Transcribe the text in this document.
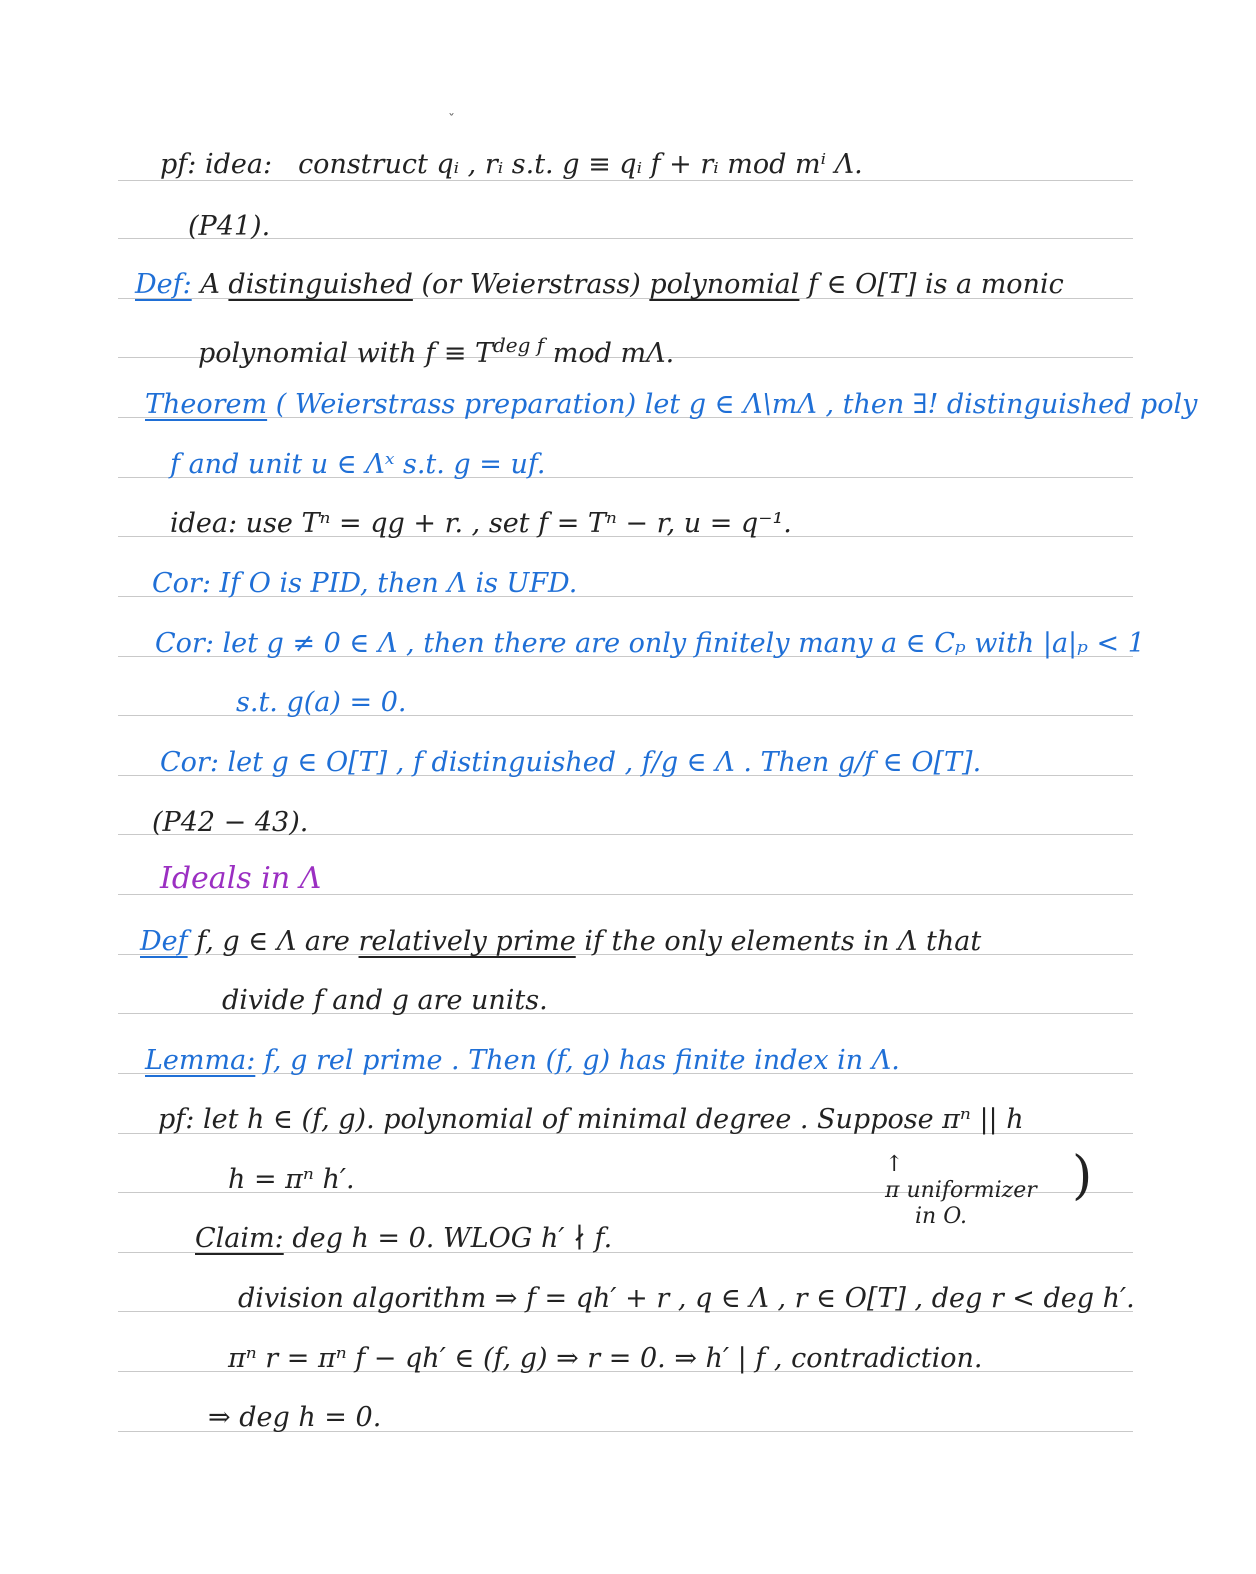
ˇ
pf: idea: construct qᵢ , rᵢ s.t. g ≡ qᵢ f + rᵢ mod mⁱ Λ.
(P41).
Def: A distinguished (or Weierstrass) polynomial f ∈ O[T] is a monic
polynomial with $f \equiv T^{deg f}$ mod mΛ.
Theorem ( Weierstrass preparation) let g ∈ Λ\mΛ , then ∃! distinguished poly
f and unit u ∈ Λˣ s.t. g = uf.
idea: use Tⁿ = qg + r. , set f = Tⁿ − r, u = q⁻¹.
Cor: If O is PID, then Λ is UFD.
Cor: let g ≠ 0 ∈ Λ , then there are only finitely many a ∈ Cₚ with |a|ₚ < 1
s.t. g(a) = 0.
Cor: let g ∈ O[T] , f distinguished , f/g ∈ Λ . Then g/f ∈ O[T].
(P42 − 43).
Ideals in Λ
Def f, g ∈ Λ are relatively prime if the only elements in Λ that
divide f and g are units.
Lemma: f, g rel prime . Then (f, g) has finite index in Λ.
pf: let h ∈ (f, g). polynomial of minimal degree . Suppose πⁿ || h
h = πⁿ h′.	↑
π uniformizer
in O.
)
Claim: deg h = 0. WLOG h′ ∤ f.
division algorithm ⇒ f = qh′ + r , q ∈ Λ , r ∈ O[T] , deg r < deg h′.
πⁿ r = πⁿ f − qh′ ∈ (f, g) ⇒ r = 0. ⇒ h′ | f , contradiction.
⇒ deg h = 0.
